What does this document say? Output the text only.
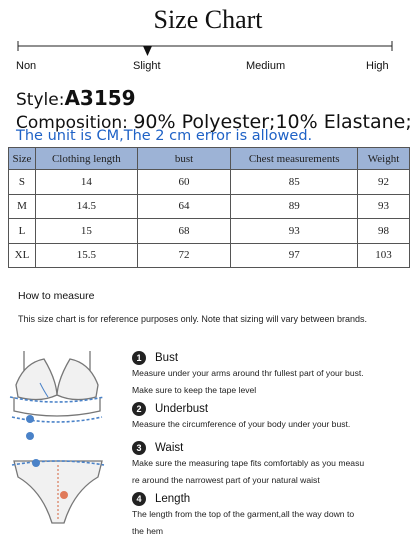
Size Chart
Non	Slight	Medium	High
Style:A3159
Composition: 90% Polyester;10% Elastane;
The unit is CM,The 2 cm error is allowed.
Size	Clothing length	bust	Chest measurements	Weight
S	14	60	85	92
M	14.5	64	89	93
L	15	68	93	98
XL	15.5	72	97	103
How to measure
This size chart is for reference purposes only. Note that sizing will vary between brands.
1	Bust
Measure under your arms around thr fullest part of your bust.
Make sure to keep the tape level
2	Underbust
Measure the circumference of your body under your bust.
3	Waist
Make sure the measuring tape fits comfortably as you measu
re around the narrowest part of your natural waist
4	Length
The length from the top of the garment,all the way down to
the hem
